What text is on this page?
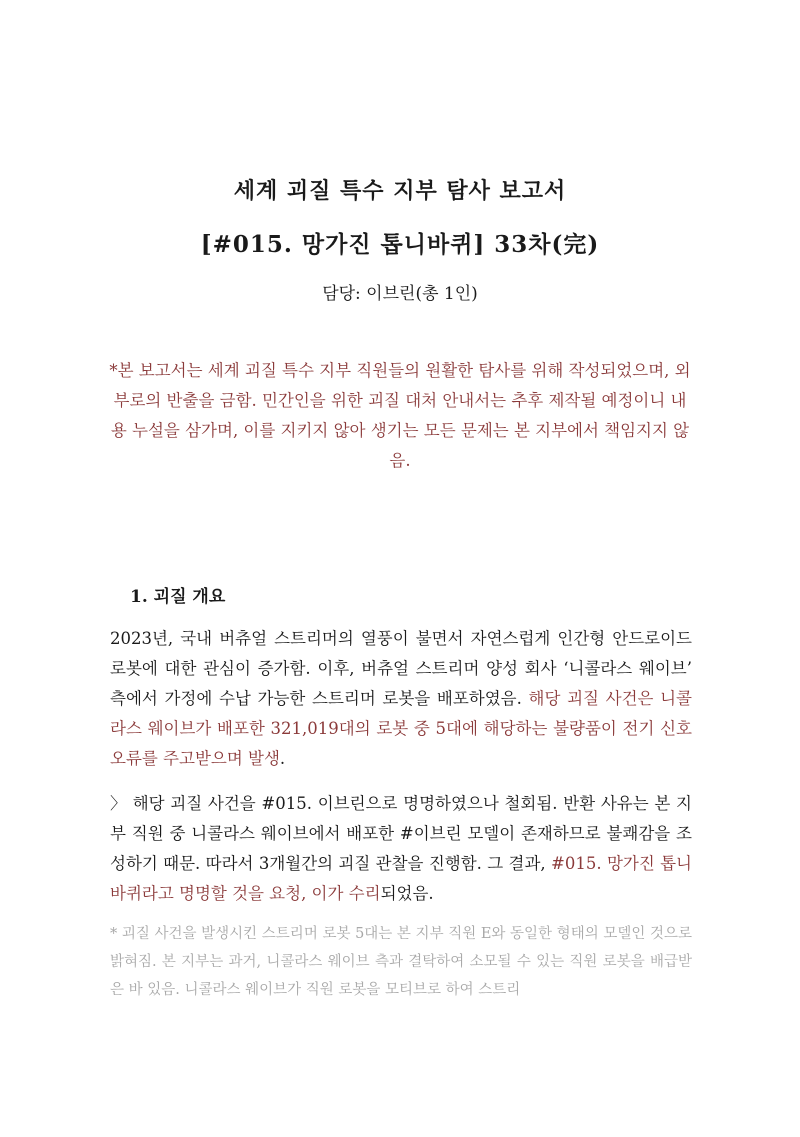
세계 괴질 특수 지부 탐사 보고서
[#015. 망가진 톱니바퀴] 33차(完)
담당: 이브린(총 1인)
*본 보고서는 세계 괴질 특수 지부 직원들의 원활한 탐사를 위해 작성되었으며, 외부로의 반출을 금함. 민간인을 위한 괴질 대처 안내서는 추후 제작될 예정이니 내용 누설을 삼가며, 이를 지키지 않아 생기는 모든 문제는 본 지부에서 책임지지 않음.
1. 괴질 개요
2023년, 국내 버츄얼 스트리머의 열풍이 불면서 자연스럽게 인간형 안드로이드 로봇에 대한 관심이 증가함. 이후, 버츄얼 스트리머 양성 회사 ‘니콜라스 웨이브’ 측에서 가정에 수납 가능한 스트리머 로봇을 배포하였음. 해당 괴질 사건은 니콜라스 웨이브가 배포한 321,019대의 로봇 중 5대에 해당하는 불량품이 전기 신호 오류를 주고받으며 발생.
〉 해당 괴질 사건을 #015. 이브린으로 명명하였으나 철회됨. 반환 사유는 본 지부 직원 중 니콜라스 웨이브에서 배포한 #이브린 모델이 존재하므로 불쾌감을 조성하기 때문. 따라서 3개월간의 괴질 관찰을 진행함. 그 결과, #015. 망가진 톱니바퀴라고 명명할 것을 요청, 이가 수리되었음.
* 괴질 사건을 발생시킨 스트리머 로봇 5대는 본 지부 직원 E와 동일한 형태의 모델인 것으로 밝혀짐. 본 지부는 과거, 니콜라스 웨이브 측과 결탁하여 소모될 수 있는 직원 로봇을 배급받은 바 있음. 니콜라스 웨이브가 직원 로봇을 모티브로 하여 스트리
